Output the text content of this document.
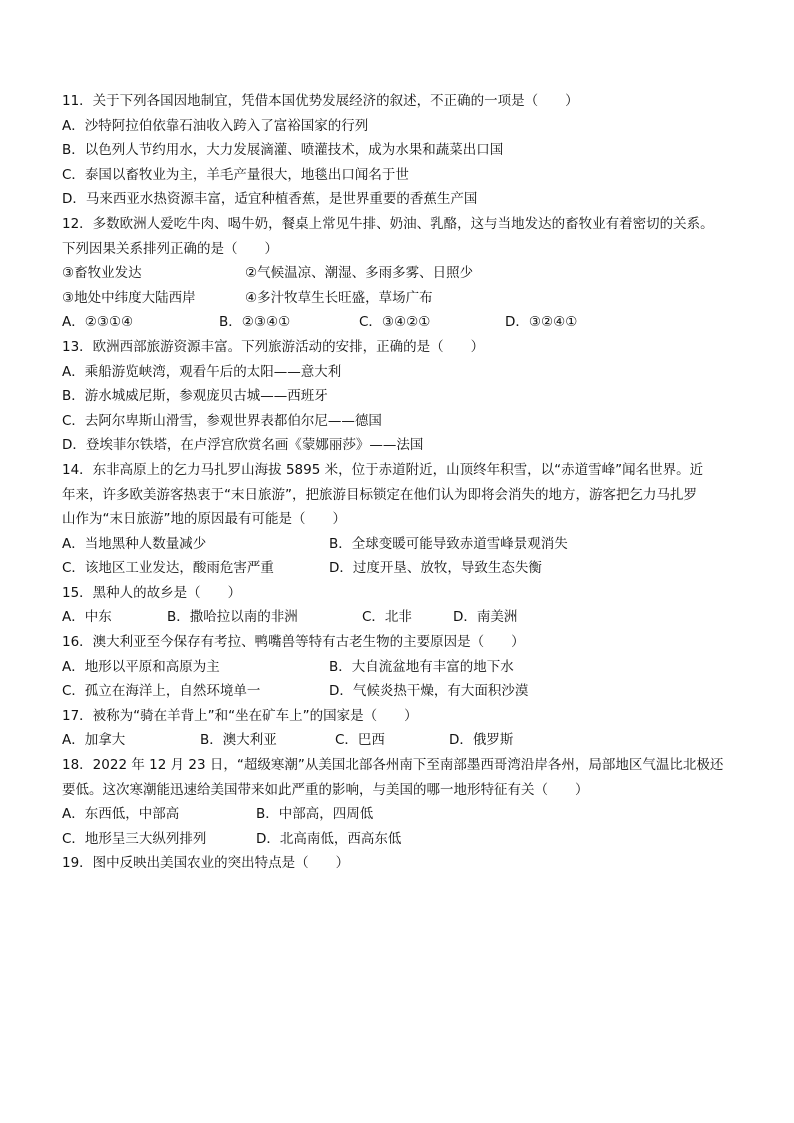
11．关于下列各国因地制宜，凭借本国优势发展经济的叙述，不正确的一项是（　　）
A．沙特阿拉伯依靠石油收入跨入了富裕国家的行列
B．以色列人节约用水，大力发展滴灌、喷灌技术，成为水果和蔬菜出口国
C．泰国以畜牧业为主，羊毛产量很大，地毯出口闻名于世
D．马来西亚水热资源丰富，适宜种植香蕉，是世界重要的香蕉生产国
12．多数欧洲人爱吃牛肉、喝牛奶，餐桌上常见牛排、奶油、乳酪，这与当地发达的畜牧业有着密切的关系。
下列因果关系排列正确的是（　　）
③畜牧业发达	②气候温凉、潮湿、多雨多雾、日照少
③地处中纬度大陆西岸	④多汁牧草生长旺盛，草场广布
A．②③①④	B．②③④①	C．③④②①	D．③②④①
13．欧洲西部旅游资源丰富。下列旅游活动的安排，正确的是（　　）
A．乘船游览峡湾，观看午后的太阳——意大利
B．游水城威尼斯，参观庞贝古城——西班牙
C．去阿尔卑斯山滑雪，参观世界表都伯尔尼——德国
D．登埃菲尔铁塔，在卢浮宫欣赏名画《蒙娜丽莎》——法国
14．东非高原上的乞力马扎罗山海拔 5895 米，位于赤道附近，山顶终年积雪，以“赤道雪峰”闻名世界。近
年来，许多欧美游客热衷于“末日旅游”，把旅游目标锁定在他们认为即将会消失的地方，游客把乞力马扎罗
山作为“末日旅游”地的原因最有可能是（　　）
A．当地黑种人数量减少	B．全球变暖可能导致赤道雪峰景观消失
C．该地区工业发达，酸雨危害严重	D．过度开垦、放牧，导致生态失衡
15．黑种人的故乡是（　　）
A．中东	B．撒哈拉以南的非洲	C．北非	D．南美洲
16．澳大利亚至今保存有考拉、鸭嘴兽等特有古老生物的主要原因是（　　）
A．地形以平原和高原为主	B．大自流盆地有丰富的地下水
C．孤立在海洋上，自然环境单一	D．气候炎热干燥，有大面积沙漠
17．被称为“骑在羊背上”和“坐在矿车上”的国家是（　　）
A．加拿大	B．澳大利亚	C．巴西	D．俄罗斯
18．2022 年 12 月 23 日，“超级寒潮”从美国北部各州南下至南部墨西哥湾沿岸各州，局部地区气温比北极还
要低。这次寒潮能迅速给美国带来如此严重的影响，与美国的哪一地形特征有关（　　）
A．东西低，中部高	B．中部高，四周低
C．地形呈三大纵列排列	D．北高南低，西高东低
19．图中反映出美国农业的突出特点是（　　）
